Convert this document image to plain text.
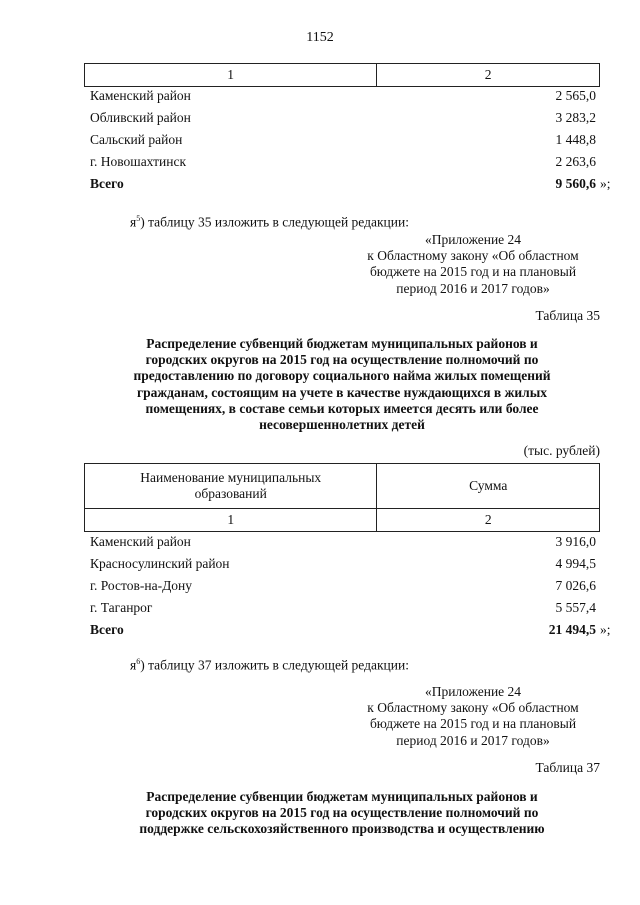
1152
1	2
Каменский район	2 565,0
Обливский район	3 283,2
Сальский район	1 448,8
г. Новошахтинск	2 263,6
Всего	9 560,6 »;
$я^5$) таблицу 35 изложить в следующей редакции:
«Приложение 24
к Областному закону «Об областном
бюджете на 2015 год и на плановый
период 2016 и 2017 годов»
Таблица 35
Распределение субвенций бюджетам муниципальных районов и
городских округов на 2015 год на осуществление полномочий по
предоставлению по договору социального найма жилых помещений
гражданам, состоящим на учете в качестве нуждающихся в жилых
помещениях, в составе семьи которых имеется десять или более
несовершеннолетних детей
(тыс. рублей)
Наименование муниципальных
образований	Сумма
1	2
Каменский район	3 916,0
Красносулинский район	4 994,5
г. Ростов-на-Дону	7 026,6
г. Таганрог	5 557,4
Всего	21 494,5 »;
$я^6$) таблицу 37 изложить в следующей редакции:
«Приложение 24
к Областному закону «Об областном
бюджете на 2015 год и на плановый
период 2016 и 2017 годов»
Таблица 37
Распределение субвенции бюджетам муниципальных районов и
городских округов на 2015 год на осуществление полномочий по
поддержке сельскохозяйственного производства и осуществлению
